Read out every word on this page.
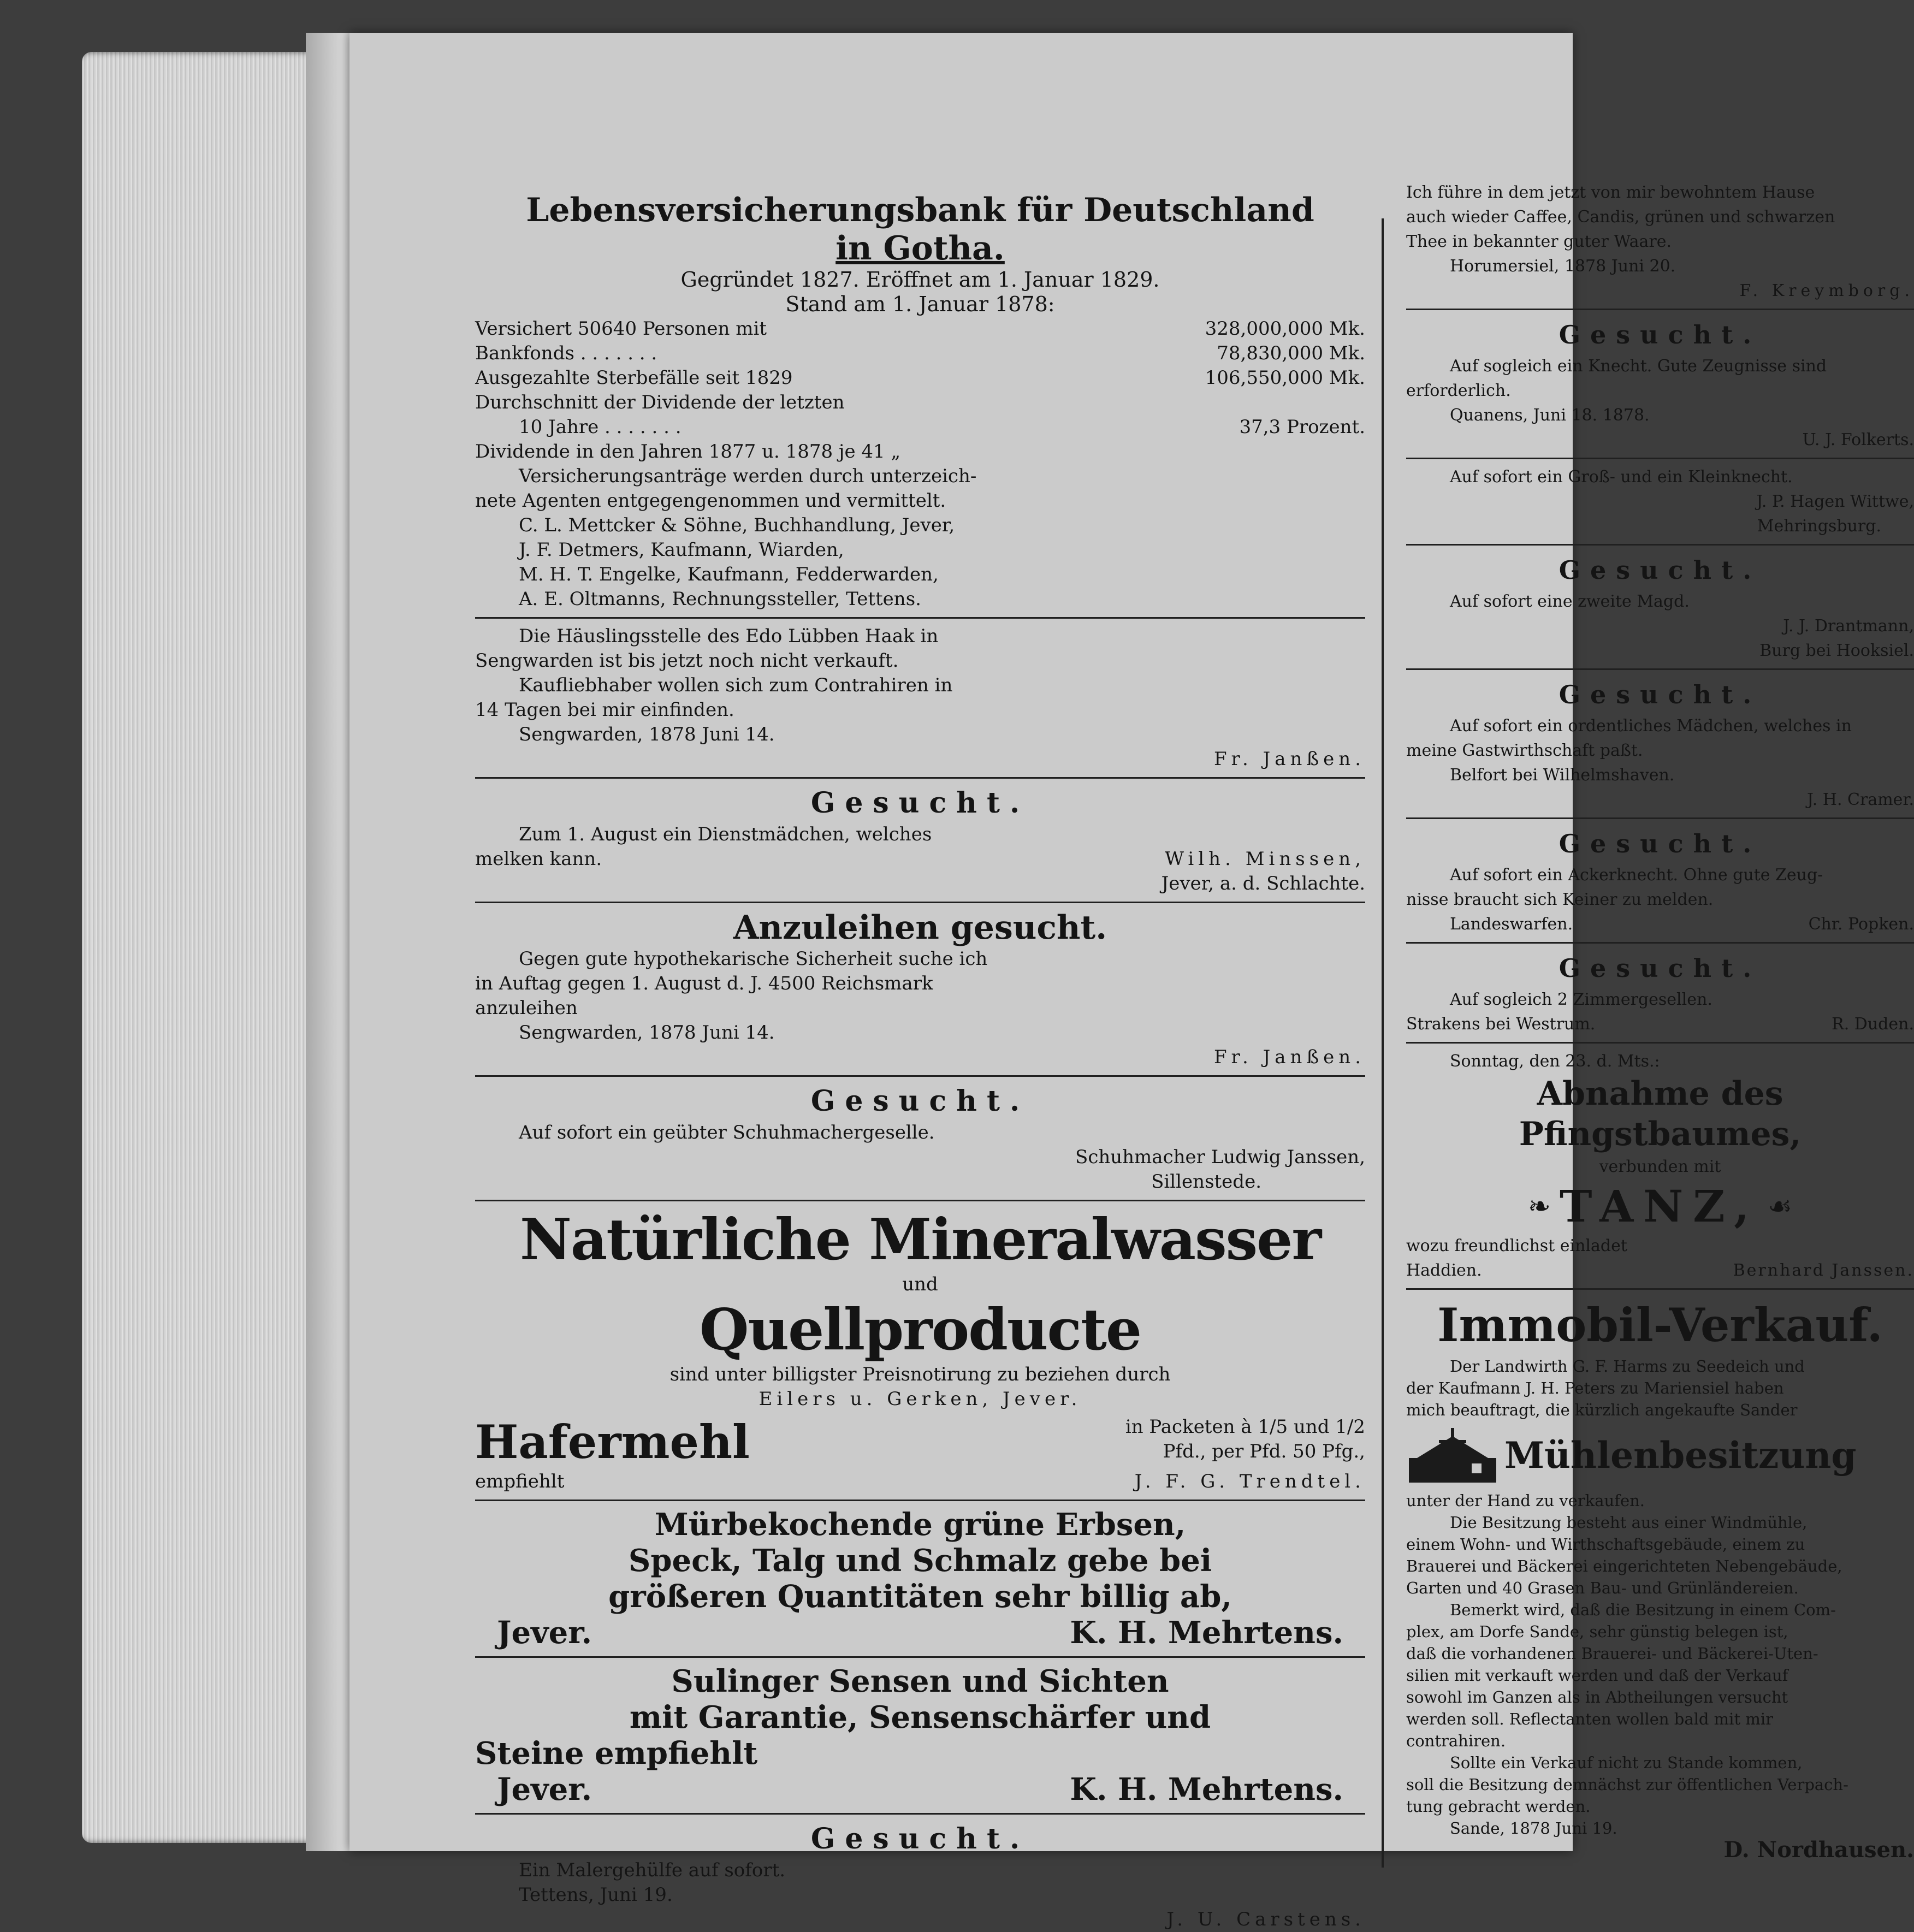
Lebensversicherungsbank für Deutschland

in Gotha.

Gegründet 1827. Eröffnet am 1. Januar 1829.

Stand am 1. Januar 1878:

Versichert 50640 Personen mit	328,000,000 Mk.
Bankfonds . . . . . . .	78,830,000 Mk.
Ausgezahlte Sterbefälle seit 1829	106,550,000 Mk.

Durchschnitt der Dividende der letzten

10 Jahre . . . . . . .	37,3 Prozent.

Dividende in den Jahren 1877 u. 1878 je 41 „

Versicherungsanträge werden durch unterzeich-

nete Agenten entgegengenommen und vermittelt.

C. L. Mettcker & Söhne, Buchhandlung, Jever,

J. F. Detmers, Kaufmann, Wiarden,

M. H. T. Engelke, Kaufmann, Fedderwarden,

A. E. Oltmanns, Rechnungssteller, Tettens.

Die Häuslingsstelle des Edo Lübben Haak in

Sengwarden ist bis jetzt noch nicht verkauft.

Kaufliebhaber wollen sich zum Contrahiren in

14 Tagen bei mir einfinden.

Sengwarden, 1878 Juni 14.

Fr. Janßen.

Gesucht.

Zum 1. August ein Dienstmädchen, welches

melken kann.	Wilh. Minssen,

Jever, a. d. Schlachte.

Anzuleihen gesucht.

Gegen gute hypothekarische Sicherheit suche ich

in Auftag gegen 1. August d. J. 4500 Reichsmark

anzuleihen

Sengwarden, 1878 Juni 14.

Fr. Janßen.

Gesucht.

Auf sofort ein geübter Schuhmachergeselle.

Schuhmacher Ludwig Janssen,

Sillenstede.

Natürliche Mineralwasser

und

Quellproducte

sind unter billigster Preisnotirung zu beziehen durch

Eilers u. Gerken, Jever.

Hafermehl	in Packeten à 1/5 und 1/2

Pfd., per Pfd. 50 Pfg.,

empfiehlt	J. F. G. Trendtel.

Mürbekochende grüne Erbsen,

Speck, Talg und Schmalz gebe bei

größeren Quantitäten sehr billig ab,

Jever.	K. H. Mehrtens.

Sulinger Sensen und Sichten

mit Garantie, Sensenschärfer und

Steine empfiehlt

Jever.	K. H. Mehrtens.

Gesucht.

Ein Malergehülfe auf sofort.

Tettens, Juni 19.

J. U. Carstens.

Ich führe in dem jetzt von mir bewohntem Hause

auch wieder Caffee, Candis, grünen und schwarzen

Thee in bekannter guter Waare.

Horumersiel, 1878 Juni 20.

F. Kreymborg.

Gesucht.

Auf sogleich ein Knecht. Gute Zeugnisse sind

erforderlich.

Quanens, Juni 18. 1878.

U. J. Folkerts.

Auf sofort ein Groß- und ein Kleinknecht.

J. P. Hagen Wittwe,

Mehringsburg.

Gesucht.

Auf sofort eine zweite Magd.

J. J. Drantmann,

Burg bei Hooksiel.

Gesucht.

Auf sofort ein ordentliches Mädchen, welches in

meine Gastwirthschaft paßt.

Belfort bei Wilhelmshaven.

J. H. Cramer.

Gesucht.

Auf sofort ein Ackerknecht. Ohne gute Zeug-

nisse braucht sich Keiner zu melden.

Landeswarfen.	Chr. Popken.

Gesucht.

Auf sogleich 2 Zimmergesellen.

Strakens bei Westrum.	R. Duden.

Sonntag, den 23. d. Mts.:

Abnahme des Pfingstbaumes,

verbunden mit

❧ TANZ, ☙

wozu freundlichst einladet

Haddien.	Bernhard Janssen.

Immobil-Verkauf.

Der Landwirth G. F. Harms zu Seedeich und

der Kaufmann J. H. Peters zu Mariensiel haben

mich beauftragt, die kürzlich angekaufte Sander

Mühlenbesitzung

unter der Hand zu verkaufen.

Die Besitzung besteht aus einer Windmühle,

einem Wohn- und Wirthschaftsgebäude, einem zu

Brauerei und Bäckerei eingerichteten Nebengebäude,

Garten und 40 Grasen Bau- und Grünländereien.

Bemerkt wird, daß die Besitzung in einem Com-

plex, am Dorfe Sande, sehr günstig belegen ist,

daß die vorhandenen Brauerei- und Bäckerei-Uten-

silien mit verkauft werden und daß der Verkauf

sowohl im Ganzen als in Abtheilungen versucht

werden soll. Reflectanten wollen bald mit mir

contrahiren.

Sollte ein Verkauf nicht zu Stande kommen,

soll die Besitzung demnächst zur öffentlichen Verpach-

tung gebracht werden.

Sande, 1878 Juni 19.

D. Nordhausen.
